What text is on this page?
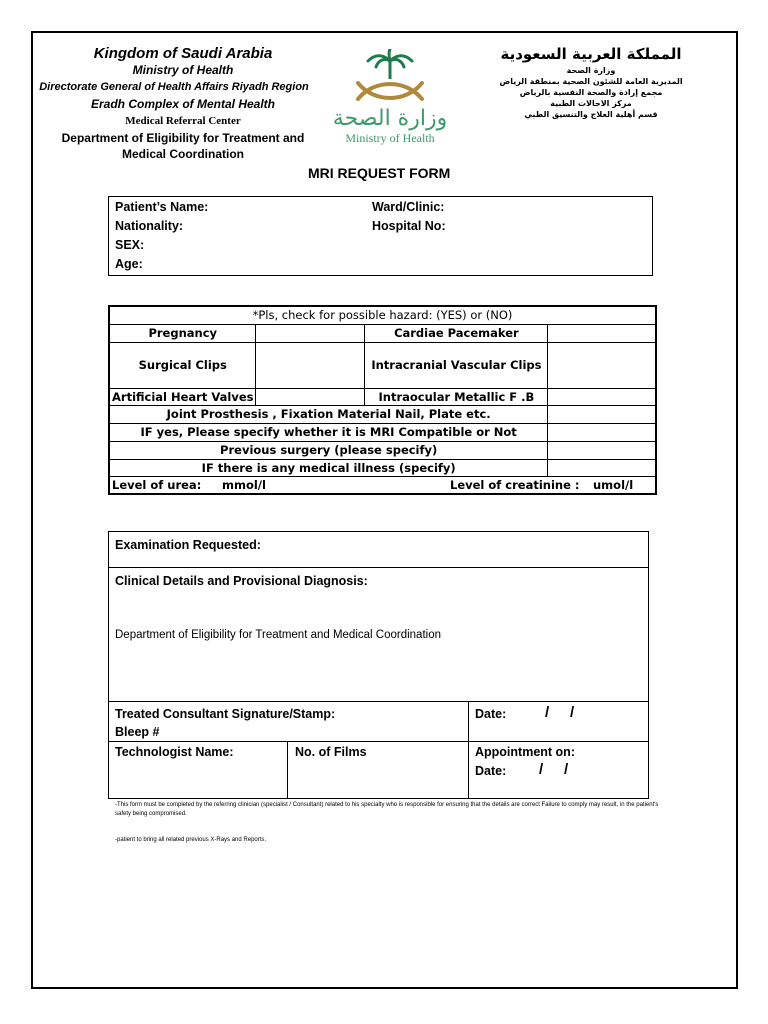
Kingdom of Saudi Arabia
Ministry of Health
Directorate General of Health Affairs Riyadh Region
Eradh Complex of Mental Health
Medical Referral Center
Department of Eligibility for Treatment and
Medical Coordination
وزارة الصحة
Ministry of Health
المملكة العربية السعودية
وزارة الصحة
المديرية العامة للشئون الصحية بمنطقة الرياض
مجمع إرادة والصحة النفسية بالرياض
مركز الاحالات الطبية
قسم أهلية العلاج والتنسيق الطبي
MRI REQUEST FORM
Patient’s Name:
Nationality:
SEX:
Age:
Ward/Clinic:
Hospital No:
*Pls, check for possible hazard: (YES) or (NO)			
Pregnancy		Cardiae Pacemaker	
Surgical Clips		Intracranial Vascular Clips	
Artificial Heart Valves		Intraocular Metallic F .B	
Joint Prosthesis , Fixation Material Nail, Plate etc.			
IF yes, Please specify whether it is MRI Compatible or Not			
Previous surgery (please specify)			
IF there is any medical illness (specify)			
Level of urea: mmol/l Level of creatinine : umol/l			
Examination Requested:
Clinical Details and Provisional Diagnosis:
Department of Eligibility for Treatment and Medical Coordination
Treated Consultant Signature/Stamp:
Bleep #
Date:	/     /
Technologist Name:	No. of Films	Appointment on:
Date: /     /
-This form must be completed by the referring clinician (specialist / Consultant) related to his specialty who is responsible for ensuring that the details are correct Failure to comply may result, in the patient's safety being compromised.
-patient to bring all related previous X-Rays and Reports.
